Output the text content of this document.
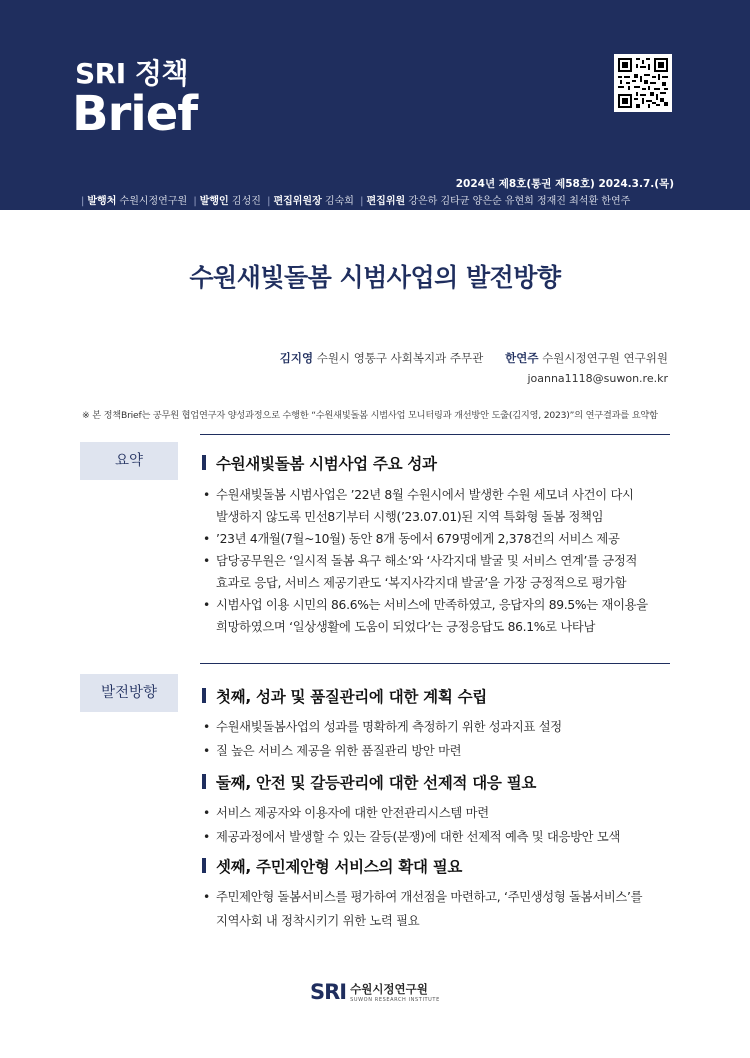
SRI 정책
Brief
2024년 제8호(통권 제58호) 2024.3.7.(목)
| 발행처 수원시정연구원 | 발행인 김성진 | 편집위원장 김숙희 | 편집위원 강은하 김타균 양은순 유현희 정재진 최석환 한연주
수원새빛돌봄 시범사업의 발전방향
김지영 수원시 영통구 사회복지과 주무관 한연주 수원시정연구원 연구위원
joanna1118@suwon.re.kr
※ 본 정책Brief는 공무원 협업연구자 양성과정으로 수행한 “수원새빛돌봄 시범사업 모니터링과 개선방안 도출(김지영, 2023)”의 연구결과를 요약함
요약	수원새빛돌봄 시범사업 주요 성과
• 수원새빛돌봄 시범사업은 ’22년 8월 수원시에서 발생한 수원 세모녀 사건이 다시
발생하지 않도록 민선8기부터 시행(’23.07.01)된 지역 특화형 돌봄 정책임
• ’23년 4개월(7월~10월) 동안 8개 동에서 679명에게 2,378건의 서비스 제공
• 담당공무원은 ‘일시적 돌봄 욕구 해소’와 ‘사각지대 발굴 및 서비스 연계’를 긍정적
효과로 응답, 서비스 제공기관도 ‘복지사각지대 발굴’을 가장 긍정적으로 평가함
• 시범사업 이용 시민의 86.6%는 서비스에 만족하였고, 응답자의 89.5%는 재이용을
희망하였으며 ‘일상생활에 도움이 되었다’는 긍정응답도 86.1%로 나타남
발전방향	첫째, 성과 및 품질관리에 대한 계획 수립
• 수원새빛돌봄사업의 성과를 명확하게 측정하기 위한 성과지표 설정
• 질 높은 서비스 제공을 위한 품질관리 방안 마련
둘째, 안전 및 갈등관리에 대한 선제적 대응 필요
• 서비스 제공자와 이용자에 대한 안전관리시스템 마련
• 제공과정에서 발생할 수 있는 갈등(분쟁)에 대한 선제적 예측 및 대응방안 모색
셋째, 주민제안형 서비스의 확대 필요
• 주민제안형 돌봄서비스를 평가하여 개선점을 마련하고, ‘주민생성형 돌봄서비스’를
지역사회 내 정착시키기 위한 노력 필요
SRI 수원시정연구원
SUWON RESEARCH INSTITUTE
